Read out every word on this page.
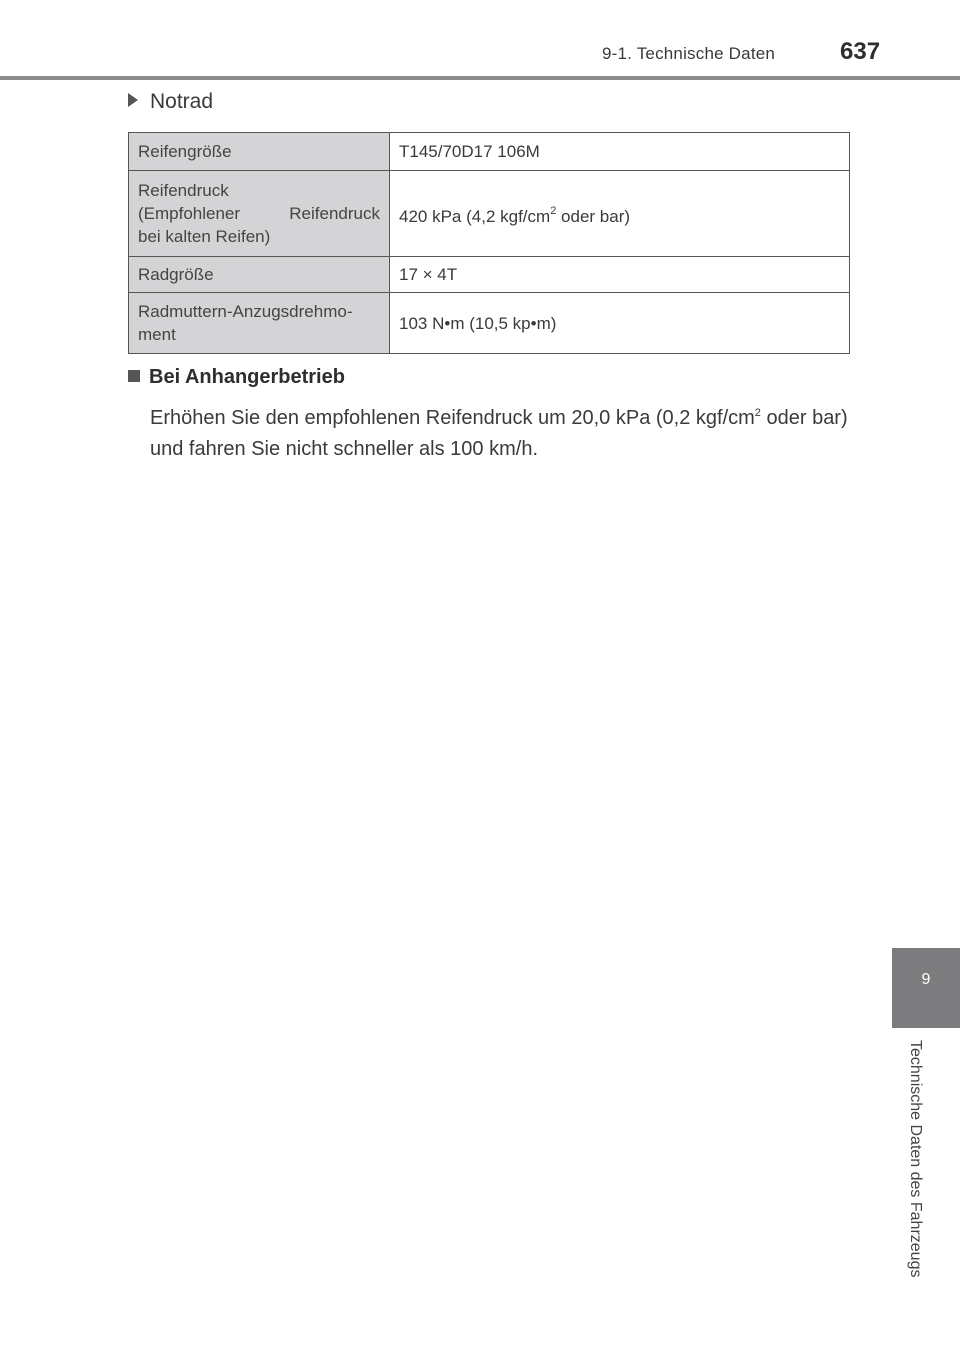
9-1. Technische Daten	637
Notrad
Reifengröße	T145/70D17 106M

Reifendruck
(Empfohlener Reifendruck
bei kalten Reifen)	420 kPa (4,2 kgf/$cm^2$ oder bar)
Radgröße	17 × 4T

Radmuttern-Anzugsdrehmo-
ment	103 N•m (10,5 kp•m)
Bei Anhangerbetrieb
Erhöhen Sie den empfohlenen Reifendruck um 20,0 kPa (0,2 kgf/$cm^2$ oder bar) und fahren Sie nicht schneller als 100 km/h.
9
Technische Daten des Fahrzeugs
